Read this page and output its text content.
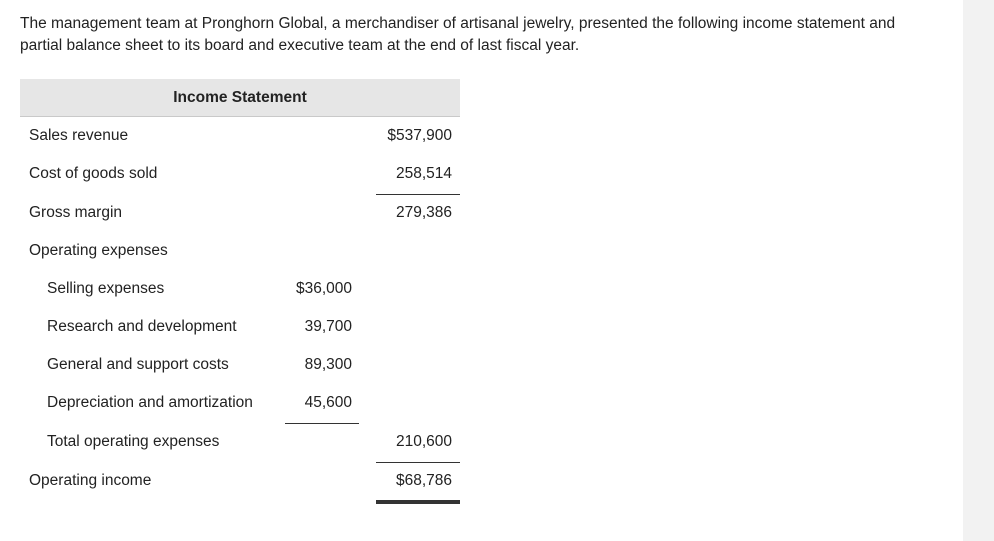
The management team at Pronghorn Global, a merchandiser of artisanal jewelry, presented the following income statement and partial balance sheet to its board and executive team at the end of last fiscal year.

Income Statement
Sales revenue	$537,900
Cost of goods sold	258,514
Gross margin	279,386
Operating expenses
Selling expenses	$36,000
Research and development	39,700
General and support costs	89,300
Depreciation and amortization	45,600
Total operating expenses	210,600
Operating income	$68,786
